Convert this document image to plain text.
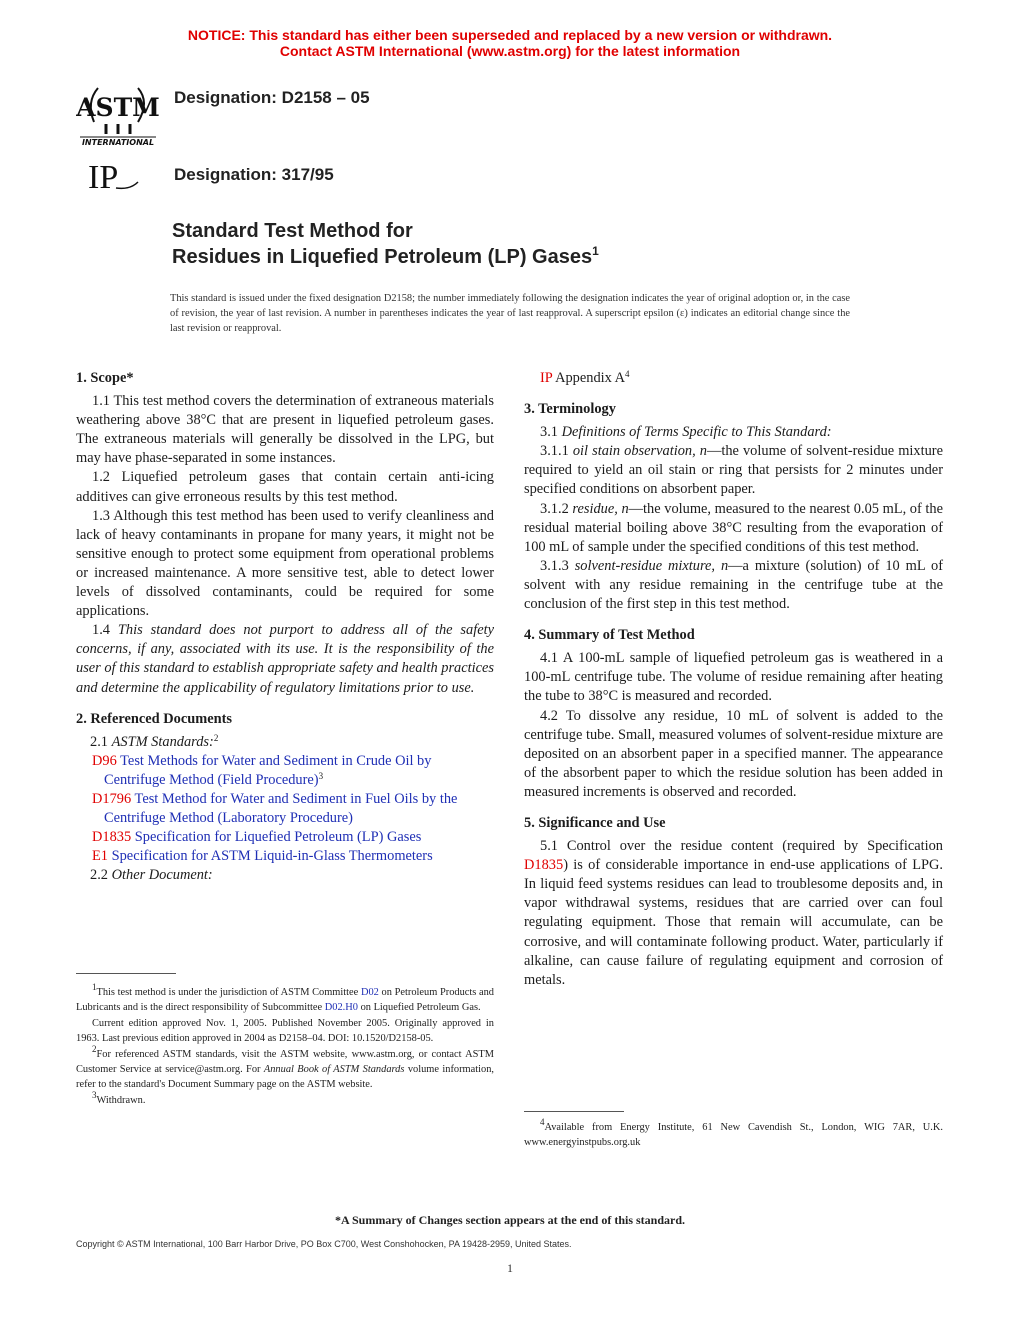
NOTICE: This standard has either been superseded and replaced by a new version or withdrawn.
Contact ASTM International (www.astm.org) for the latest information
ASTM
INTERNATIONAL
Designation: D2158 – 05
IP	Designation: 317/95
Standard Test Method for
Residues in Liquefied Petroleum (LP) Gases$^1$
This standard is issued under the fixed designation D2158; the number immediately following the designation indicates the year of original adoption or, in the case of revision, the year of last revision. A number in parentheses indicates the year of last reapproval. A superscript epsilon (ε) indicates an editorial change since the last revision or reapproval.
1. Scope*

1.1 This test method covers the determination of extraneous materials weathering above 38°C that are present in liquefied petroleum gases. The extraneous materials will generally be dissolved in the LPG, but may have phase-separated in some instances.

1.2 Liquefied petroleum gases that contain certain anti-icing additives can give erroneous results by this test method.

1.3 Although this test method has been used to verify cleanliness and lack of heavy contaminants in propane for many years, it might not be sensitive enough to protect some equipment from operational problems or increased maintenance. A more sensitive test, able to detect lower levels of dissolved contaminants, could be required for some applications.

1.4 This standard does not purport to address all of the safety concerns, if any, associated with its use. It is the responsibility of the user of this standard to establish appropriate safety and health practices and determine the applicability of regulatory limitations prior to use.

2. Referenced Documents

2.1 ASTM Standards:$^2$

D96 Test Methods for Water and Sediment in Crude Oil by Centrifuge Method (Field Procedure)$^3$

D1796 Test Method for Water and Sediment in Fuel Oils by the Centrifuge Method (Laboratory Procedure)

D1835 Specification for Liquefied Petroleum (LP) Gases

E1 Specification for ASTM Liquid-in-Glass Thermometers

2.2 Other Document:

$^1$This test method is under the jurisdiction of ASTM Committee D02 on Petroleum Products and Lubricants and is the direct responsibility of Subcommittee D02.H0 on Liquefied Petroleum Gas.

Current edition approved Nov. 1, 2005. Published November 2005. Originally approved in 1963. Last previous edition approved in 2004 as D2158–04. DOI: 10.1520/D2158-05.

$^2$For referenced ASTM standards, visit the ASTM website, www.astm.org, or contact ASTM Customer Service at service@astm.org. For Annual Book of ASTM Standards volume information, refer to the standard's Document Summary page on the ASTM website.

$^3$Withdrawn.

IP Appendix $A^4$

3. Terminology

3.1 Definitions of Terms Specific to This Standard:

3.1.1 oil stain observation, n—the volume of solvent-residue mixture required to yield an oil stain or ring that persists for 2 minutes under specified conditions on absorbent paper.

3.1.2 residue, n—the volume, measured to the nearest 0.05 mL, of the residual material boiling above 38°C resulting from the evaporation of 100 mL of sample under the specified conditions of this test method.

3.1.3 solvent-residue mixture, n—a mixture (solution) of 10 mL of solvent with any residue remaining in the centrifuge tube at the conclusion of the first step in this test method.

4. Summary of Test Method

4.1 A 100-mL sample of liquefied petroleum gas is weathered in a 100-mL centrifuge tube. The volume of residue remaining after heating the tube to 38°C is measured and recorded.

4.2 To dissolve any residue, 10 mL of solvent is added to the centrifuge tube. Small, measured volumes of solvent-residue mixture are deposited on an absorbent paper in a specified manner. The appearance of the absorbent paper to which the residue solution has been added in measured increments is observed and recorded.

5. Significance and Use

5.1 Control over the residue content (required by Specification D1835) is of considerable importance in end-use applications of LPG. In liquid feed systems residues can lead to troublesome deposits and, in vapor withdrawal systems, residues that are carried over can foul regulating equipment. Those that remain will accumulate, can be corrosive, and will contaminate following product. Water, particularly if alkaline, can cause failure of regulating equipment and corrosion of metals.

$^4$Available from Energy Institute, 61 New Cavendish St., London, WIG 7AR, U.K. www.energyinstpubs.org.uk

*A Summary of Changes section appears at the end of this standard.
Copyright © ASTM International, 100 Barr Harbor Drive, PO Box C700, West Conshohocken, PA 19428-2959, United States.
1
